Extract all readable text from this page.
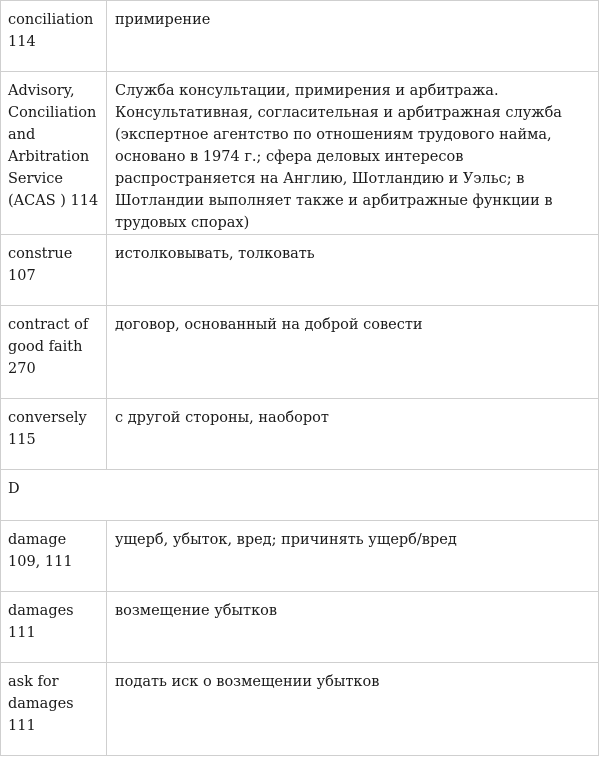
conciliation
114	примирение

Advisory, Conciliation and Arbitration Service (ACAS ) 114	Служба консультации, примирения и арбитража. Консультативная, согласительная и арбитражная служба (экспертное агентство по отношениям трудового найма, основано в 1974 г.; сфера деловых интересов распространяется на Англию, Шотландию и Уэльс; в Шотландии выполняет также и арбитражные функции в трудовых спорах)

construe
107	истолковывать, толковать

contract of good faith
270	договор, основанный на доброй совести

conversely
115	с другой стороны, наоборот
D	

damage
109, 111	ущерб, убыток, вред; причинять ущерб/вред

damages
111	возмещение убытков

ask for damages
111	подать иск о возмещении убытков
